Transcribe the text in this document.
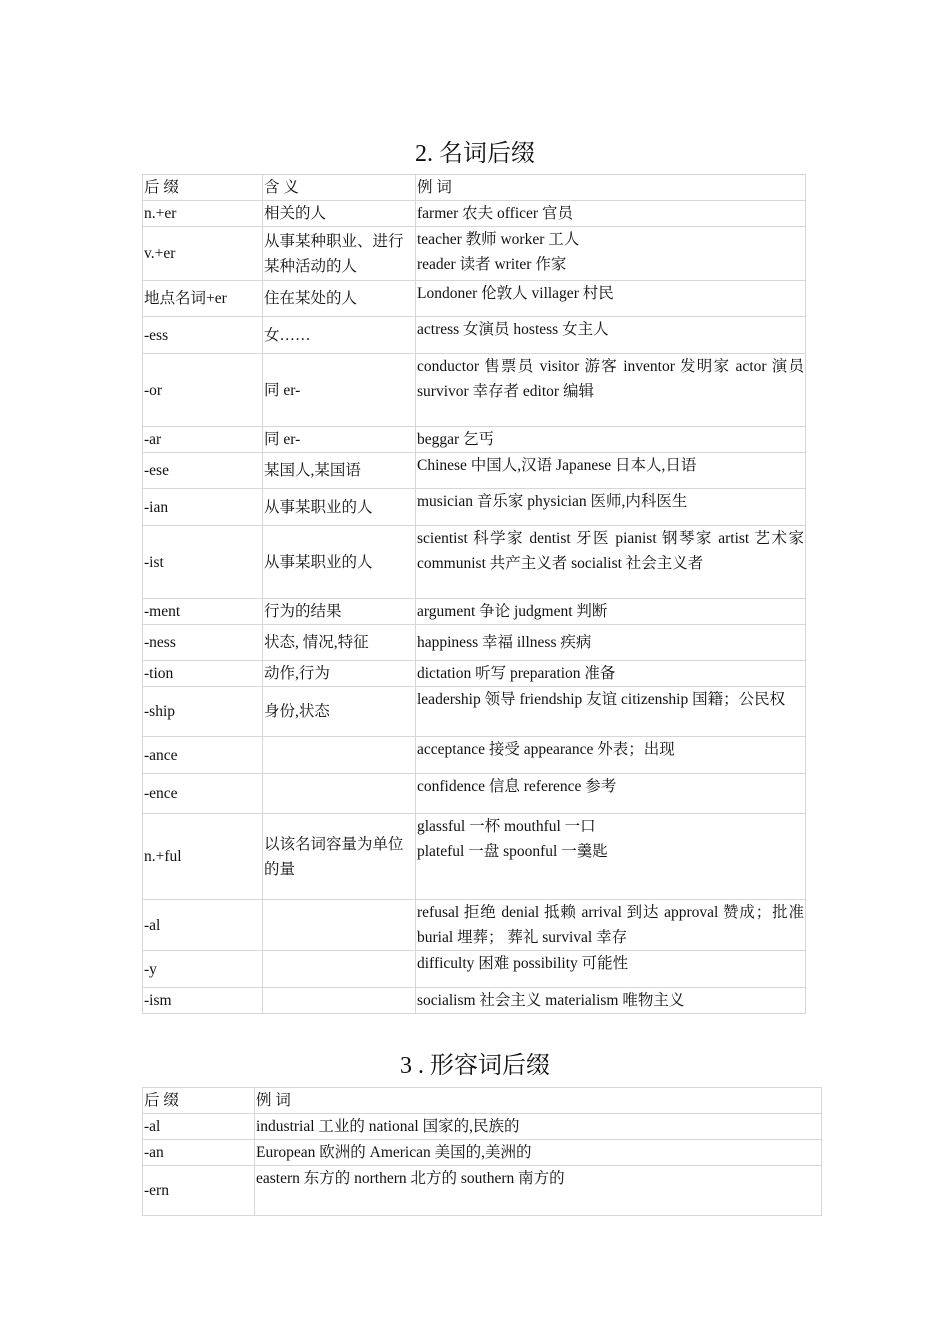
2. 名词后缀
后 缀	含 义	例 词
n.+er	相关的人	farmer 农夫 officer 官员

v.+er	从事某种职业、进行某种活动的人	teacher 教师 worker 工人
reader 读者 writer 作家

地点名词+er	住在某处的人	Londoner 伦敦人 villager 村民

-ess	女……	actress 女演员 hostess 女主人

-or	同 er-	conductor 售票员 visitor 游客 inventor 发明家 actor 演员 survivor 幸存者 editor 编辑
-ar	同 er-	beggar 乞丐

-ese	某国人,某国语	Chinese 中国人,汉语 Japanese 日本人,日语

-ian	从事某职业的人	musician 音乐家 physician 医师,内科医生

-ist	从事某职业的人	scientist 科学家 dentist 牙医 pianist 钢琴家 artist 艺术家 communist 共产主义者 socialist 社会主义者
-ment	行为的结果	argument 争论 judgment 判断

-ness	状态, 情况,特征	happiness 幸福 illness 疾病

-tion	动作,行为	dictation 听写 preparation 准备

-ship	身份,状态	leadership 领导 friendship 友谊 citizenship 国籍；公民权
-ance		acceptance 接受 appearance 外表；出现

-ence		confidence 信息 reference 参考

n.+ful	以该名词容量为单位的量	glassful 一杯 mouthful 一口
plateful 一盘 spoonful 一羹匙

-al		refusal 拒绝 denial 抵赖 arrival 到达 approval 赞成；批准 burial 埋葬； 葬礼 survival 幸存
-y		difficulty 困难 possibility 可能性

-ism		socialism 社会主义 materialism 唯物主义
3 . 形容词后缀
后 缀	例 词
-al	industrial 工业的 national 国家的,民族的

-an	European 欧洲的 American 美国的,美洲的

-ern	eastern 东方的 northern 北方的 southern 南方的
